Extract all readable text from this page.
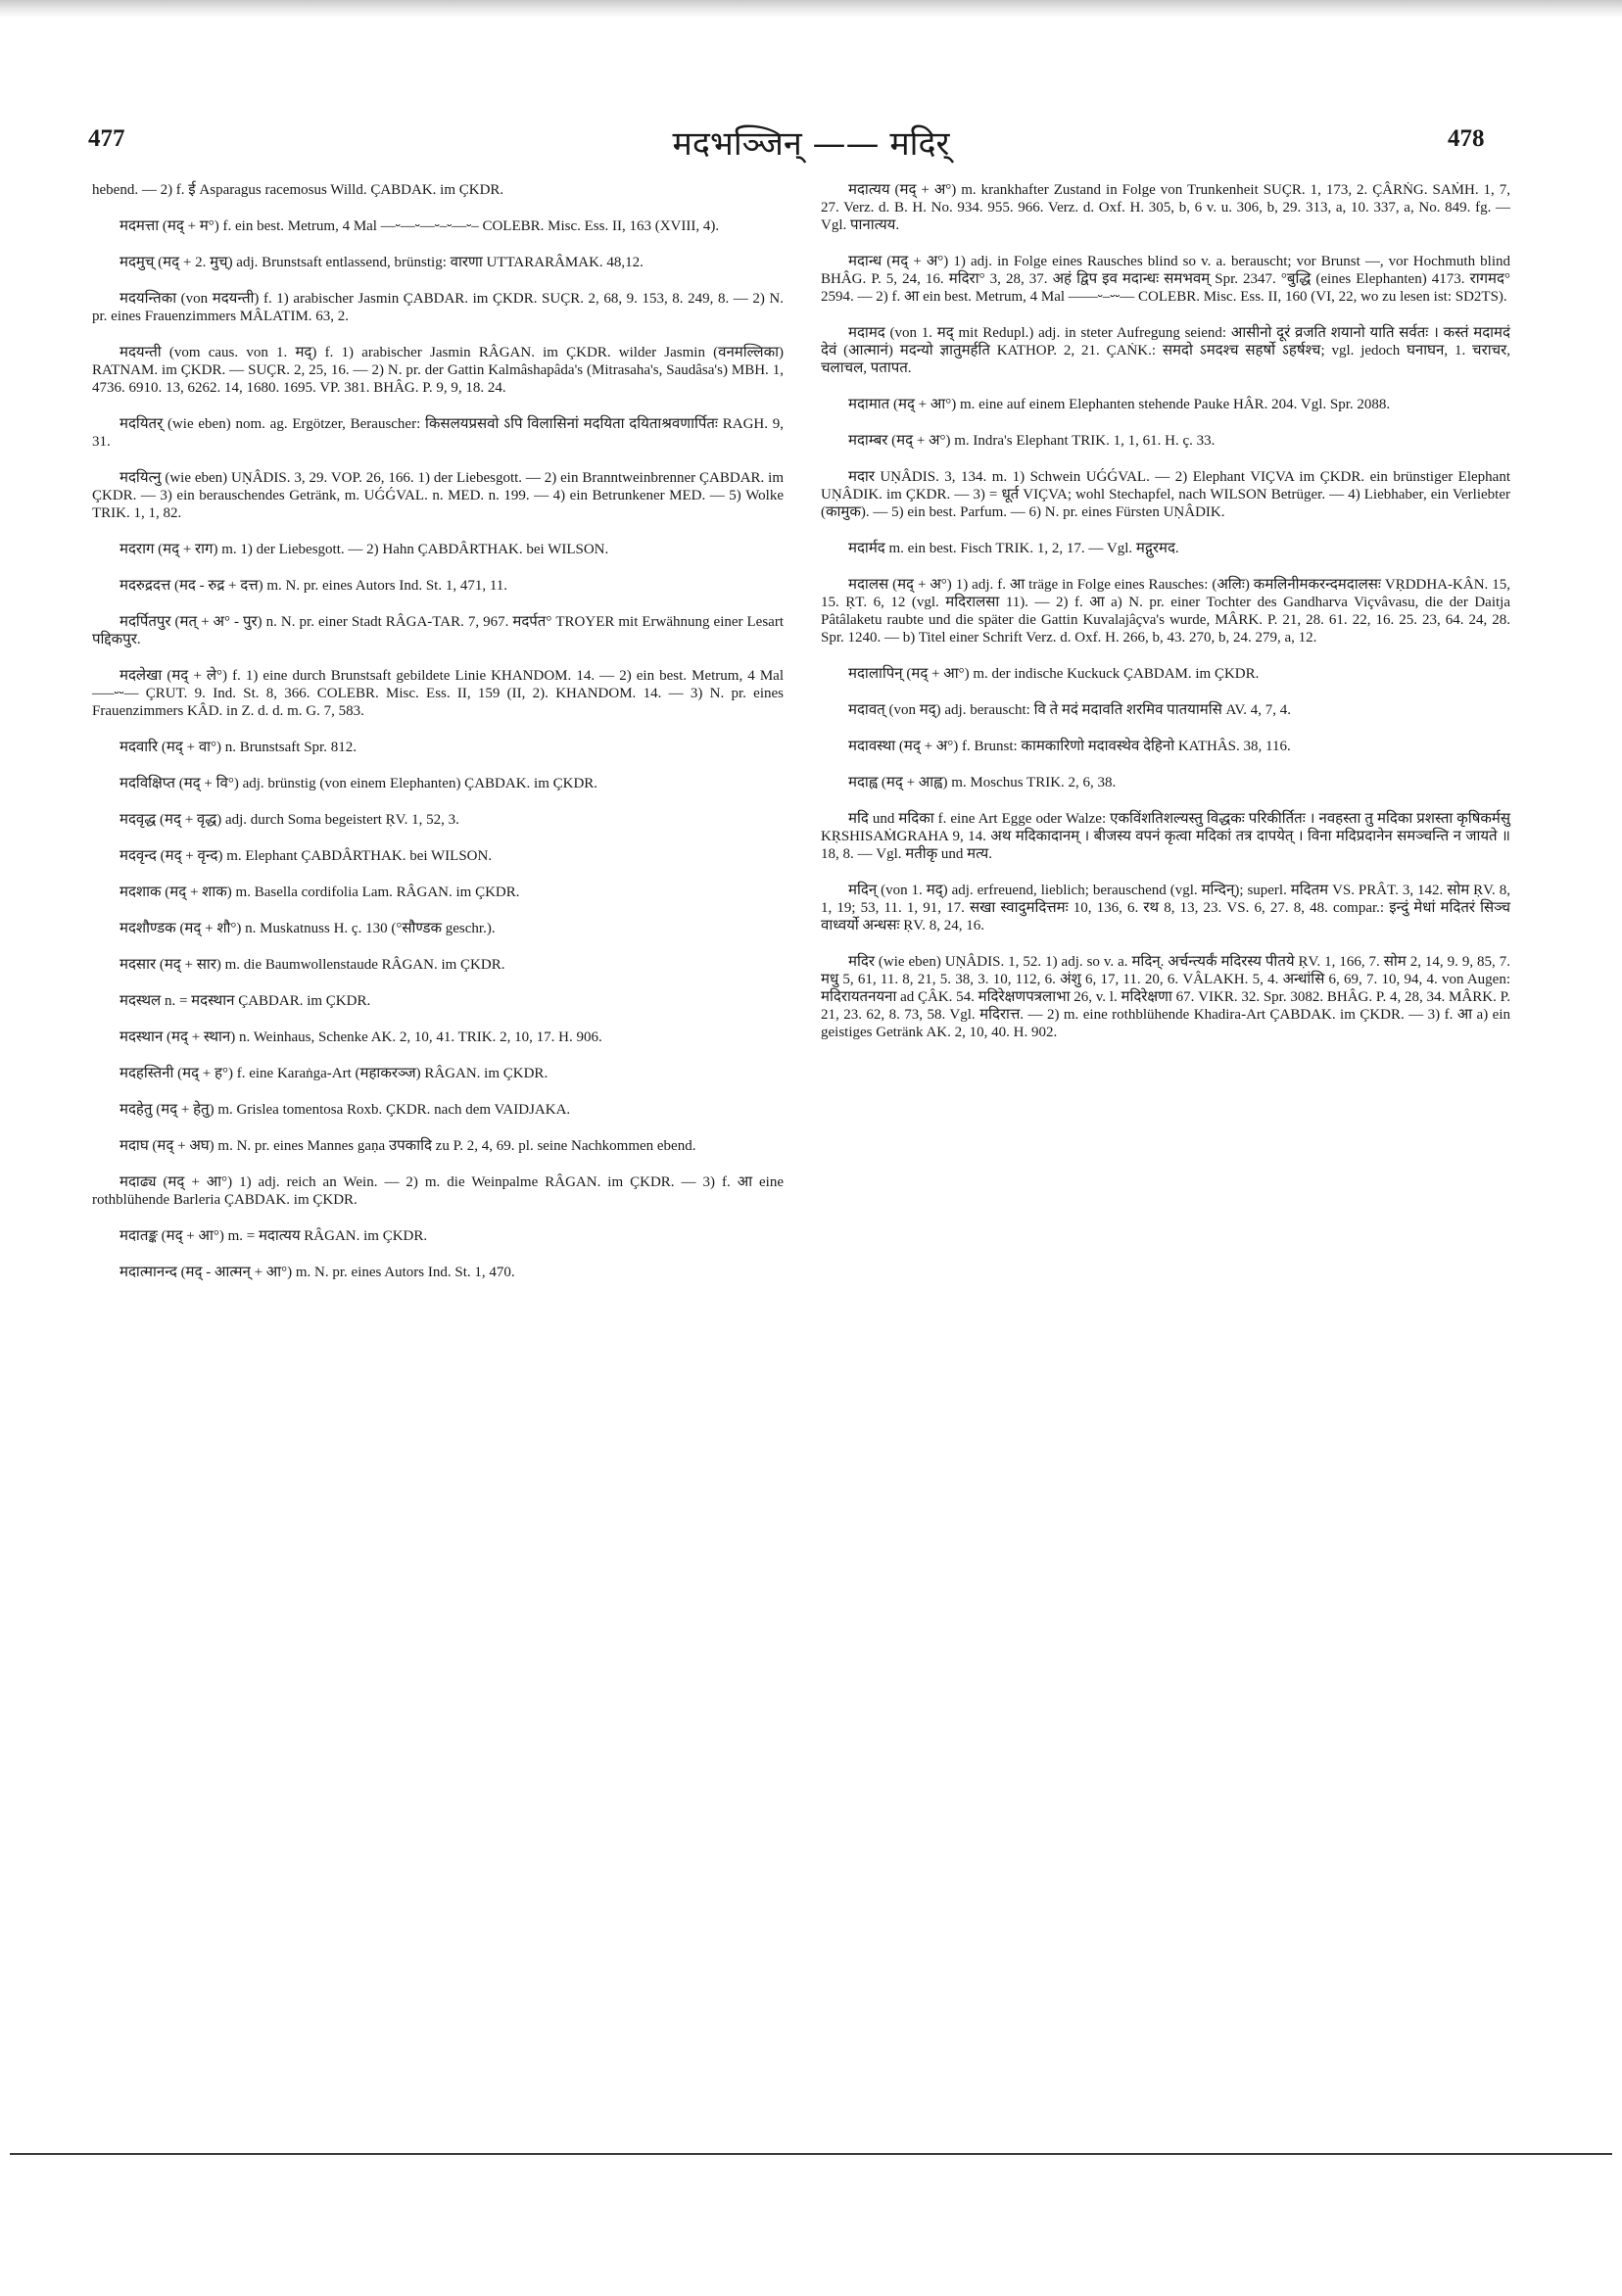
477	मदभञ्जिन् —— मदिर्	478

hebend. — 2) f. ई Asparagus racemosus Willd. ÇABDAK. im ÇKDR.

मदमत्ता (मद् + म°) f. ein best. Metrum, 4 Mal ––⏑––⏑––⏑–⏑––⏑– COLEBR. Misc. Ess. II, 163 (XVIII, 4).

मदमुच् (मद् + 2. मुच्) adj. Brunstsaft entlassend, brünstig: वारणा UTTARARÂMAK. 48,12.

मदयन्तिका (von मदयन्ती) f. 1) arabischer Jasmin ÇABDAR. im ÇKDR. SUÇR. 2, 68, 9. 153, 8. 249, 8. — 2) N. pr. eines Frauenzimmers MÂLATIM. 63, 2.

मदयन्ती (vom caus. von 1. मद्) f. 1) arabischer Jasmin RÂGAN. im ÇKDR. wilder Jasmin (वनमल्लिका) RATNAM. im ÇKDR. — SUÇR. 2, 25, 16. — 2) N. pr. der Gattin Kalmâshapâda's (Mitrasaha's, Saudâsa's) MBH. 1, 4736. 6910. 13, 6262. 14, 1680. 1695. VP. 381. BHÂG. P. 9, 9, 18. 24.

मदयितर् (wie eben) nom. ag. Ergötzer, Berauscher: किसलयप्रसवो ऽपि विलासिनां मदयिता दयिताश्रवणार्पितः RAGH. 9, 31.

मदयित्नु (wie eben) UṆÂDIS. 3, 29. VOP. 26, 166. 1) der Liebesgott. — 2) ein Branntweinbrenner ÇABDAR. im ÇKDR. — 3) ein berauschendes Getränk, m. UǴǴVAL. n. MED. n. 199. — 4) ein Betrunkener MED. — 5) Wolke TRIK. 1, 1, 82.

मदराग (मद् + राग) m. 1) der Liebesgott. — 2) Hahn ÇABDÂRTHAK. bei WILSON.

मदरुद्रदत्त (मद - रुद्र + दत्त) m. N. pr. eines Autors Ind. St. 1, 471, 11.

मदर्पितपुर (मत् + अ° - पुर) n. N. pr. einer Stadt RÂGA-TAR. 7, 967. मदर्पत° TROYER mit Erwähnung einer Lesart पद्दिकपुर.

मदलेखा (मद् + ले°) f. 1) eine durch Brunstsaft gebildete Linie KHANDOM. 14. — 2) ein best. Metrum, 4 Mal –––⏑⏑–– ÇRUT. 9. Ind. St. 8, 366. COLEBR. Misc. Ess. II, 159 (II, 2). KHANDOM. 14. — 3) N. pr. eines Frauenzimmers KÂD. in Z. d. d. m. G. 7, 583.

मदवारि (मद् + वा°) n. Brunstsaft Spr. 812.

मदविक्षिप्त (मद् + वि°) adj. brünstig (von einem Elephanten) ÇABDAK. im ÇKDR.

मदवृद्ध (मद् + वृद्ध) adj. durch Soma begeistert ṚV. 1, 52, 3.

मदवृन्द (मद् + वृन्द) m. Elephant ÇABDÂRTHAK. bei WILSON.

मदशाक (मद् + शाक) m. Basella cordifolia Lam. RÂGAN. im ÇKDR.

मदशौण्डक (मद् + शौ°) n. Muskatnuss H. ç. 130 (°सौण्डक geschr.).

मदसार (मद् + सार) m. die Baumwollenstaude RÂGAN. im ÇKDR.

मदस्थल n. = मदस्थान ÇABDAR. im ÇKDR.

मदस्थान (मद् + स्थान) n. Weinhaus, Schenke AK. 2, 10, 41. TRIK. 2, 10, 17. H. 906.

मदहस्तिनी (मद् + ह°) f. eine Karaṅga-Art (महाकरञ्ज) RÂGAN. im ÇKDR.

मदहेतु (मद् + हेतु) m. Grislea tomentosa Roxb. ÇKDR. nach dem VAIDJAKA.

मदाघ (मद् + अघ) m. N. pr. eines Mannes gaṇa उपकादि zu P. 2, 4, 69. pl. seine Nachkommen ebend.

मदाढ्य (मद् + आ°) 1) adj. reich an Wein. — 2) m. die Weinpalme RÂGAN. im ÇKDR. — 3) f. आ eine rothblühende Barleria ÇABDAK. im ÇKDR.

मदातङ्क (मद् + आ°) m. = मदात्यय RÂGAN. im ÇKDR.

मदात्मानन्द (मद् - आत्मन् + आ°) m. N. pr. eines Autors Ind. St. 1, 470.

मदात्यय (मद् + अ°) m. krankhafter Zustand in Folge von Trunkenheit SUÇR. 1, 173, 2. ÇÂRṄG. SAṀH. 1, 7, 27. Verz. d. B. H. No. 934. 955. 966. Verz. d. Oxf. H. 305, b, 6 v. u. 306, b, 29. 313, a, 10. 337, a, No. 849. fg. — Vgl. पानात्यय.

मदान्ध (मद् + अ°) 1) adj. in Folge eines Rausches blind so v. a. berauscht; vor Brunst —, vor Hochmuth blind BHÂG. P. 5, 24, 16. मदिरा° 3, 28, 37. अहं द्विप इव मदान्धः समभवम् Spr. 2347. °बुद्धि (eines Elephanten) 4173. रागमद° 2594. — 2) f. आ ein best. Metrum, 4 Mal ––––⏑–⏑⏑–– COLEBR. Misc. Ess. II, 160 (VI, 22, wo zu lesen ist: SD2TS).

मदामद (von 1. मद् mit Redupl.) adj. in steter Aufregung seiend: आसीनो दूरं व्रजति शयानो याति सर्वतः । कस्तं मदामदं देवं (आत्मानं) मदन्यो ज्ञातुमर्हति KATHOP. 2, 21. ÇAṄK.: समदो ऽमदश्च सहर्षो ऽहर्षश्च; vgl. jedoch घनाघन, 1. चराचर, चलाचल, पतापत.

मदामात (मद् + आ°) m. eine auf einem Elephanten stehende Pauke HÂR. 204. Vgl. Spr. 2088.

मदाम्बर (मद् + अ°) m. Indra's Elephant TRIK. 1, 1, 61. H. ç. 33.

मदार UṆÂDIS. 3, 134. m. 1) Schwein UǴǴVAL. — 2) Elephant VIÇVA im ÇKDR. ein brünstiger Elephant UṆÂDIK. im ÇKDR. — 3) = धूर्त VIÇVA; wohl Stechapfel, nach WILSON Betrüger. — 4) Liebhaber, ein Verliebter (कामुक). — 5) ein best. Parfum. — 6) N. pr. eines Fürsten UṆÂDIK.

मदार्मद m. ein best. Fisch TRIK. 1, 2, 17. — Vgl. मद्गुरमद.

मदालस (मद् + अ°) 1) adj. f. आ träge in Folge eines Rausches: (अलिः) कमलिनीमकरन्दमदालसः VṚDDHA-KÂN. 15, 15. ṚT. 6, 12 (vgl. मदिरालसा 11). — 2) f. आ a) N. pr. einer Tochter des Gandharva Viçvâvasu, die der Daitja Pâtâlaketu raubte und die später die Gattin Kuvalajâçva's wurde, MÂRK. P. 21, 28. 61. 22, 16. 25. 23, 64. 24, 28. Spr. 1240. — b) Titel einer Schrift Verz. d. Oxf. H. 266, b, 43. 270, b, 24. 279, a, 12.

मदालापिन् (मद् + आ°) m. der indische Kuckuck ÇABDAM. im ÇKDR.

मदावत् (von मद्) adj. berauscht: वि ते मदं मदावति शरमिव पातयामसि AV. 4, 7, 4.

मदावस्था (मद् + अ°) f. Brunst: कामकारिणो मदावस्थेव देहिनो KATHÂS. 38, 116.

मदाह्व (मद् + आह्व) m. Moschus TRIK. 2, 6, 38.

मदि und मदिका f. eine Art Egge oder Walze: एकविंशतिशल्यस्तु विद्धकः परिकीर्तितः । नवहस्ता तु मदिका प्रशस्ता कृषिकर्मसु KṚSHISAṀGRAHA 9, 14. अथ मदिकादानम् । बीजस्य वपनं कृत्वा मदिकां तत्र दापयेत् । विना मदिप्रदानेन समञ्चन्ति न जायते ॥ 18, 8. — Vgl. मतीकृ und मत्य.

मदिन् (von 1. मद्) adj. erfreuend, lieblich; berauschend (vgl. मन्दिन्); superl. मदितम VS. PRÂT. 3, 142. सोम ṚV. 8, 1, 19; 53, 11. 1, 91, 17. सखा स्वादुमदित्तमः 10, 136, 6. रथ 8, 13, 23. VS. 6, 27. 8, 48. compar.: इन्दुं मेधां मदितरं सिञ्च वाध्वर्यो अन्धसः ṚV. 8, 24, 16.

मदिर (wie eben) UṆÂDIS. 1, 52. 1) adj. so v. a. मदिन्. अर्चन्त्यर्कं मदिरस्य पीतये ṚV. 1, 166, 7. सोम 2, 14, 9. 9, 85, 7. मधु 5, 61, 11. 8, 21, 5. 38, 3. 10, 112, 6. अंशु 6, 17, 11. 20, 6. VÂLAKH. 5, 4. अन्धांसि 6, 69, 7. 10, 94, 4. von Augen: मदिरायतनयना ad ÇÂK. 54. मदिरेक्षणपत्रलाभा 26, v. l. मदिरेक्षणा 67. VIKR. 32. Spr. 3082. BHÂG. P. 4, 28, 34. MÂRK. P. 21, 23. 62, 8. 73, 58. Vgl. मदिरात्त. — 2) m. eine rothblühende Khadira-Art ÇABDAK. im ÇKDR. — 3) f. आ a) ein geistiges Getränk AK. 2, 10, 40. H. 902.
